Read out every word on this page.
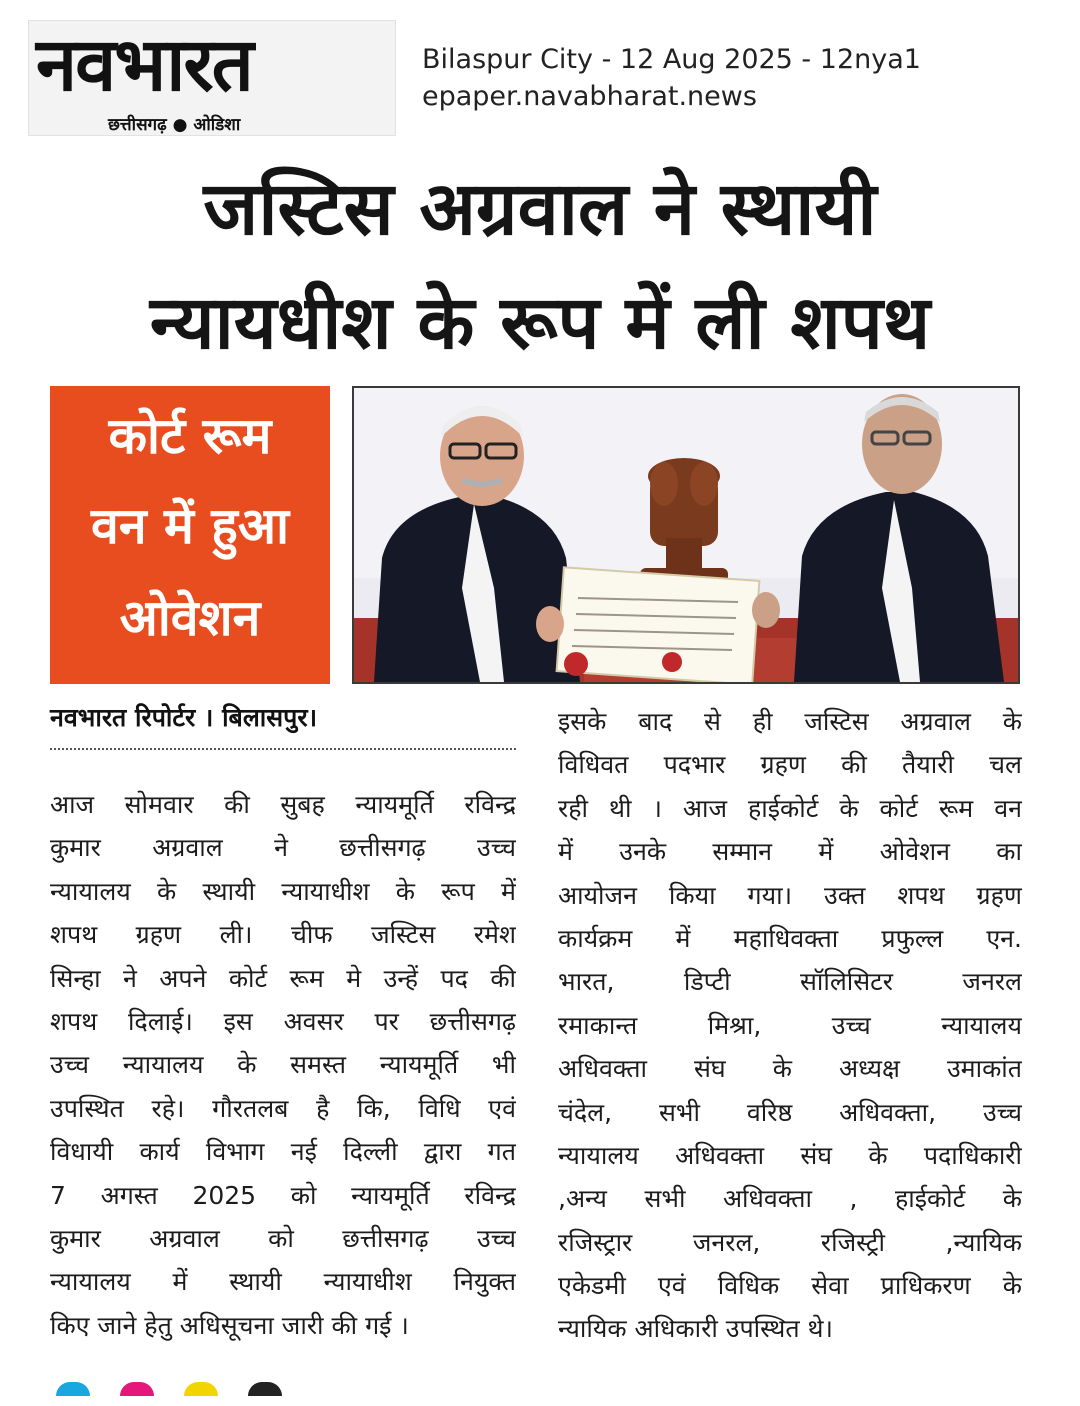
नवभारत
छत्तीसगढ़ ● ओडिशा
Bilaspur City - 12 Aug 2025 - 12nya1
epaper.navabharat.news
जस्टिस अग्रवाल ने स्थायी
न्यायधीश के रूप में ली शपथ
कोर्ट रूम
वन में हुआ
ओवेशन
नवभारत रिपोर्टर । बिलासपुर।
आज सोमवार की सुबह न्यायमूर्ति रविन्द्र
कुमार अग्रवाल ने छत्तीसगढ़ उच्च
न्यायालय के स्थायी न्यायाधीश के रूप में
शपथ ग्रहण ली। चीफ जस्टिस रमेश
सिन्हा ने अपने कोर्ट रूम मे उन्हें पद की
शपथ दिलाई। इस अवसर पर छत्तीसगढ़
उच्च न्यायालय के समस्त न्यायमूर्ति भी
उपस्थित रहे। गौरतलब है कि, विधि एवं
विधायी कार्य विभाग नई दिल्ली द्वारा गत
7 अगस्त 2025 को न्यायमूर्ति रविन्द्र
कुमार अग्रवाल को छत्तीसगढ़ उच्च
न्यायालय में स्थायी न्यायाधीश नियुक्त
किए जाने हेतु अधिसूचना जारी की गई ।
इसके बाद से ही जस्टिस अग्रवाल के
विधिवत पदभार ग्रहण की तैयारी चल
रही थी । आज हाईकोर्ट के कोर्ट रूम वन
में उनके सम्मान में ओवेशन का
आयोजन किया गया। उक्त शपथ ग्रहण
कार्यक्रम में महाधिवक्ता प्रफुल्ल एन.
भारत, डिप्टी सॉलिसिटर जनरल
रमाकान्त मिश्रा, उच्च न्यायालय
अधिवक्ता संघ के अध्यक्ष उमाकांत
चंदेल, सभी वरिष्ठ अधिवक्ता, उच्च
न्यायालय अधिवक्ता संघ के पदाधिकारी
,अन्य सभी अधिवक्ता , हाईकोर्ट के
रजिस्ट्रार जनरल, रजिस्ट्री ,न्यायिक
एकेडमी एवं विधिक सेवा प्राधिकरण के
न्यायिक अधिकारी उपस्थित थे।
